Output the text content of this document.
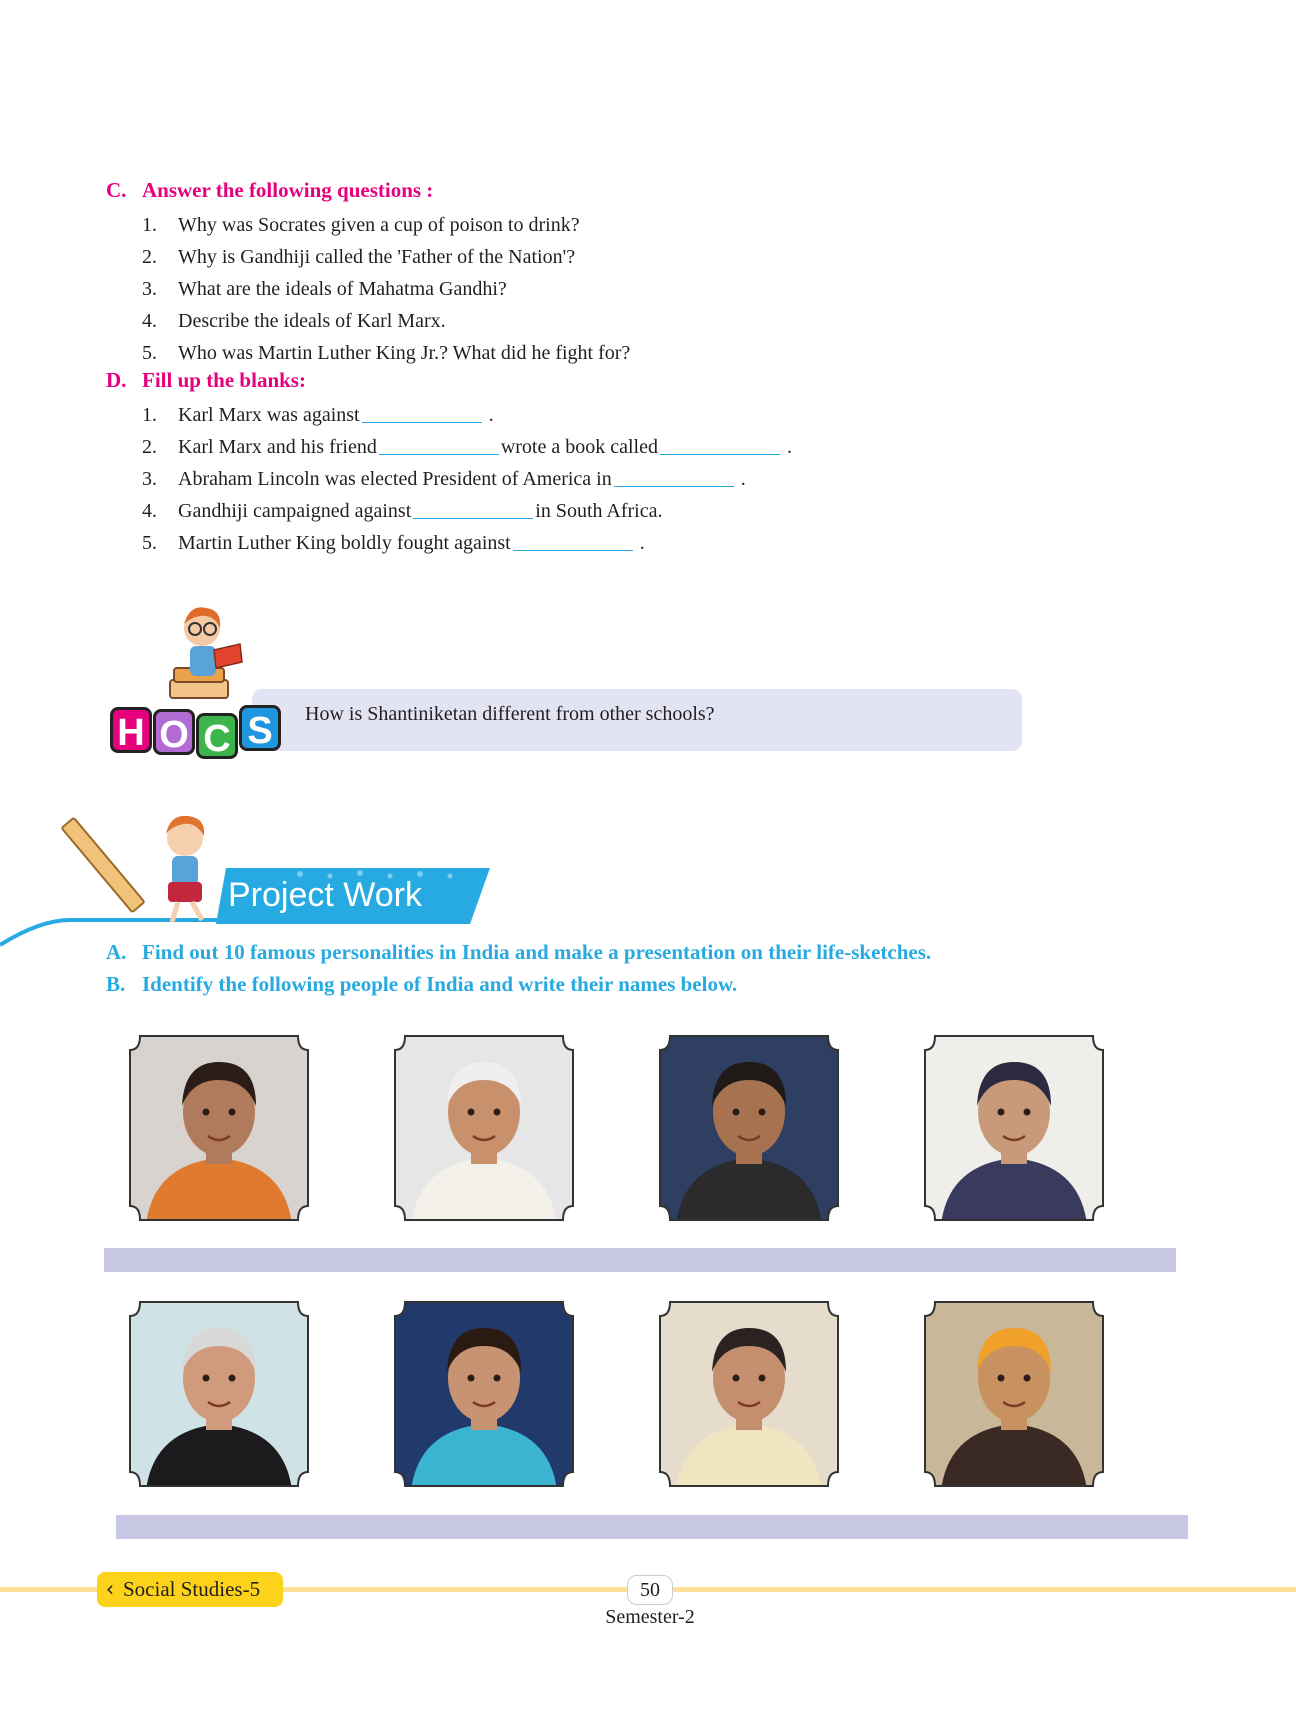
C. Answer the following questions :
1. Why was Socrates given a cup of poison to drink?
2. Why is Gandhiji called the 'Father of the Nation'?
3. What are the ideals of Mahatma Gandhi?
4. Describe the ideals of Karl Marx.
5. Who was Martin Luther King Jr.? What did he fight for?
D. Fill up the blanks:
1. Karl Marx was against	.
2. Karl Marx and his friend	wrote a book called	.
3. Abraham Lincoln was elected President of America in	.
4. Gandhiji campaigned against	in South Africa.
5. Martin Luther King boldly fought against	.
How is Shantiniketan different from other schools?
H O C S
Project Work
A. Find out 10 famous personalities in India and make a presentation on their life-sketches.
B. Identify the following people of India and write their names below.
‹ Social Studies-5	50
Semester-2
